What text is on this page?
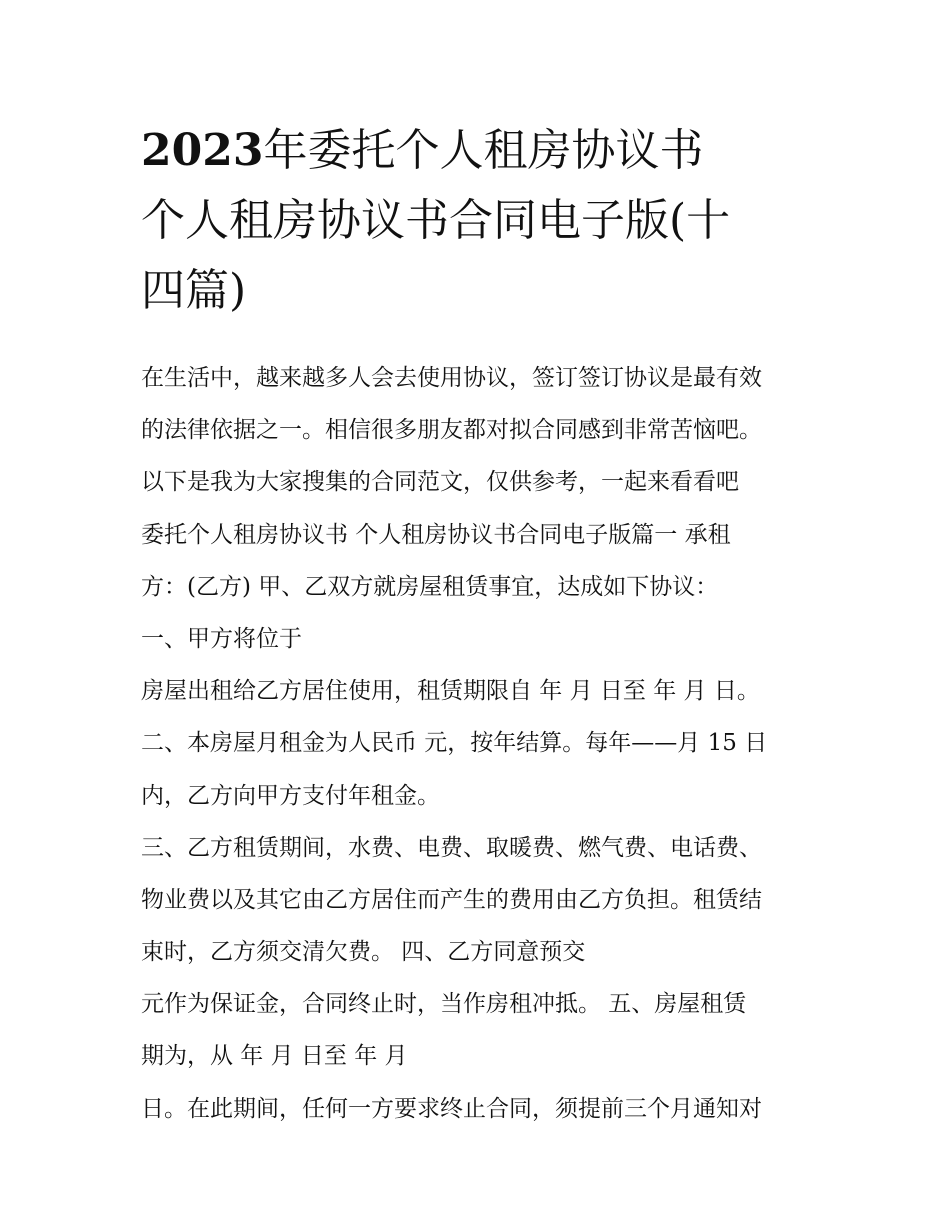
2023年委托个人租房协议书
个人租房协议书合同电子版(十
四篇)
在生活中，越来越多人会去使用协议，签订签订协议是最有效
的法律依据之一。相信很多朋友都对拟合同感到非常苦恼吧。
以下是我为大家搜集的合同范文，仅供参考，一起来看看吧
委托个人租房协议书 个人租房协议书合同电子版篇一 承租
方：(乙方) 甲、乙双方就房屋租赁事宜，达成如下协议：
一、甲方将位于
房屋出租给乙方居住使用，租赁期限自 年 月 日至 年 月 日。
二、本房屋月租金为人民币 元，按年结算。每年——月 15 日
内，乙方向甲方支付年租金。
三、乙方租赁期间，水费、电费、取暖费、燃气费、电话费、
物业费以及其它由乙方居住而产生的费用由乙方负担。租赁结
束时，乙方须交清欠费。 四、乙方同意预交
元作为保证金，合同终止时，当作房租冲抵。 五、房屋租赁
期为，从 年 月 日至 年 月
日。在此期间，任何一方要求终止合同，须提前三个月通知对
